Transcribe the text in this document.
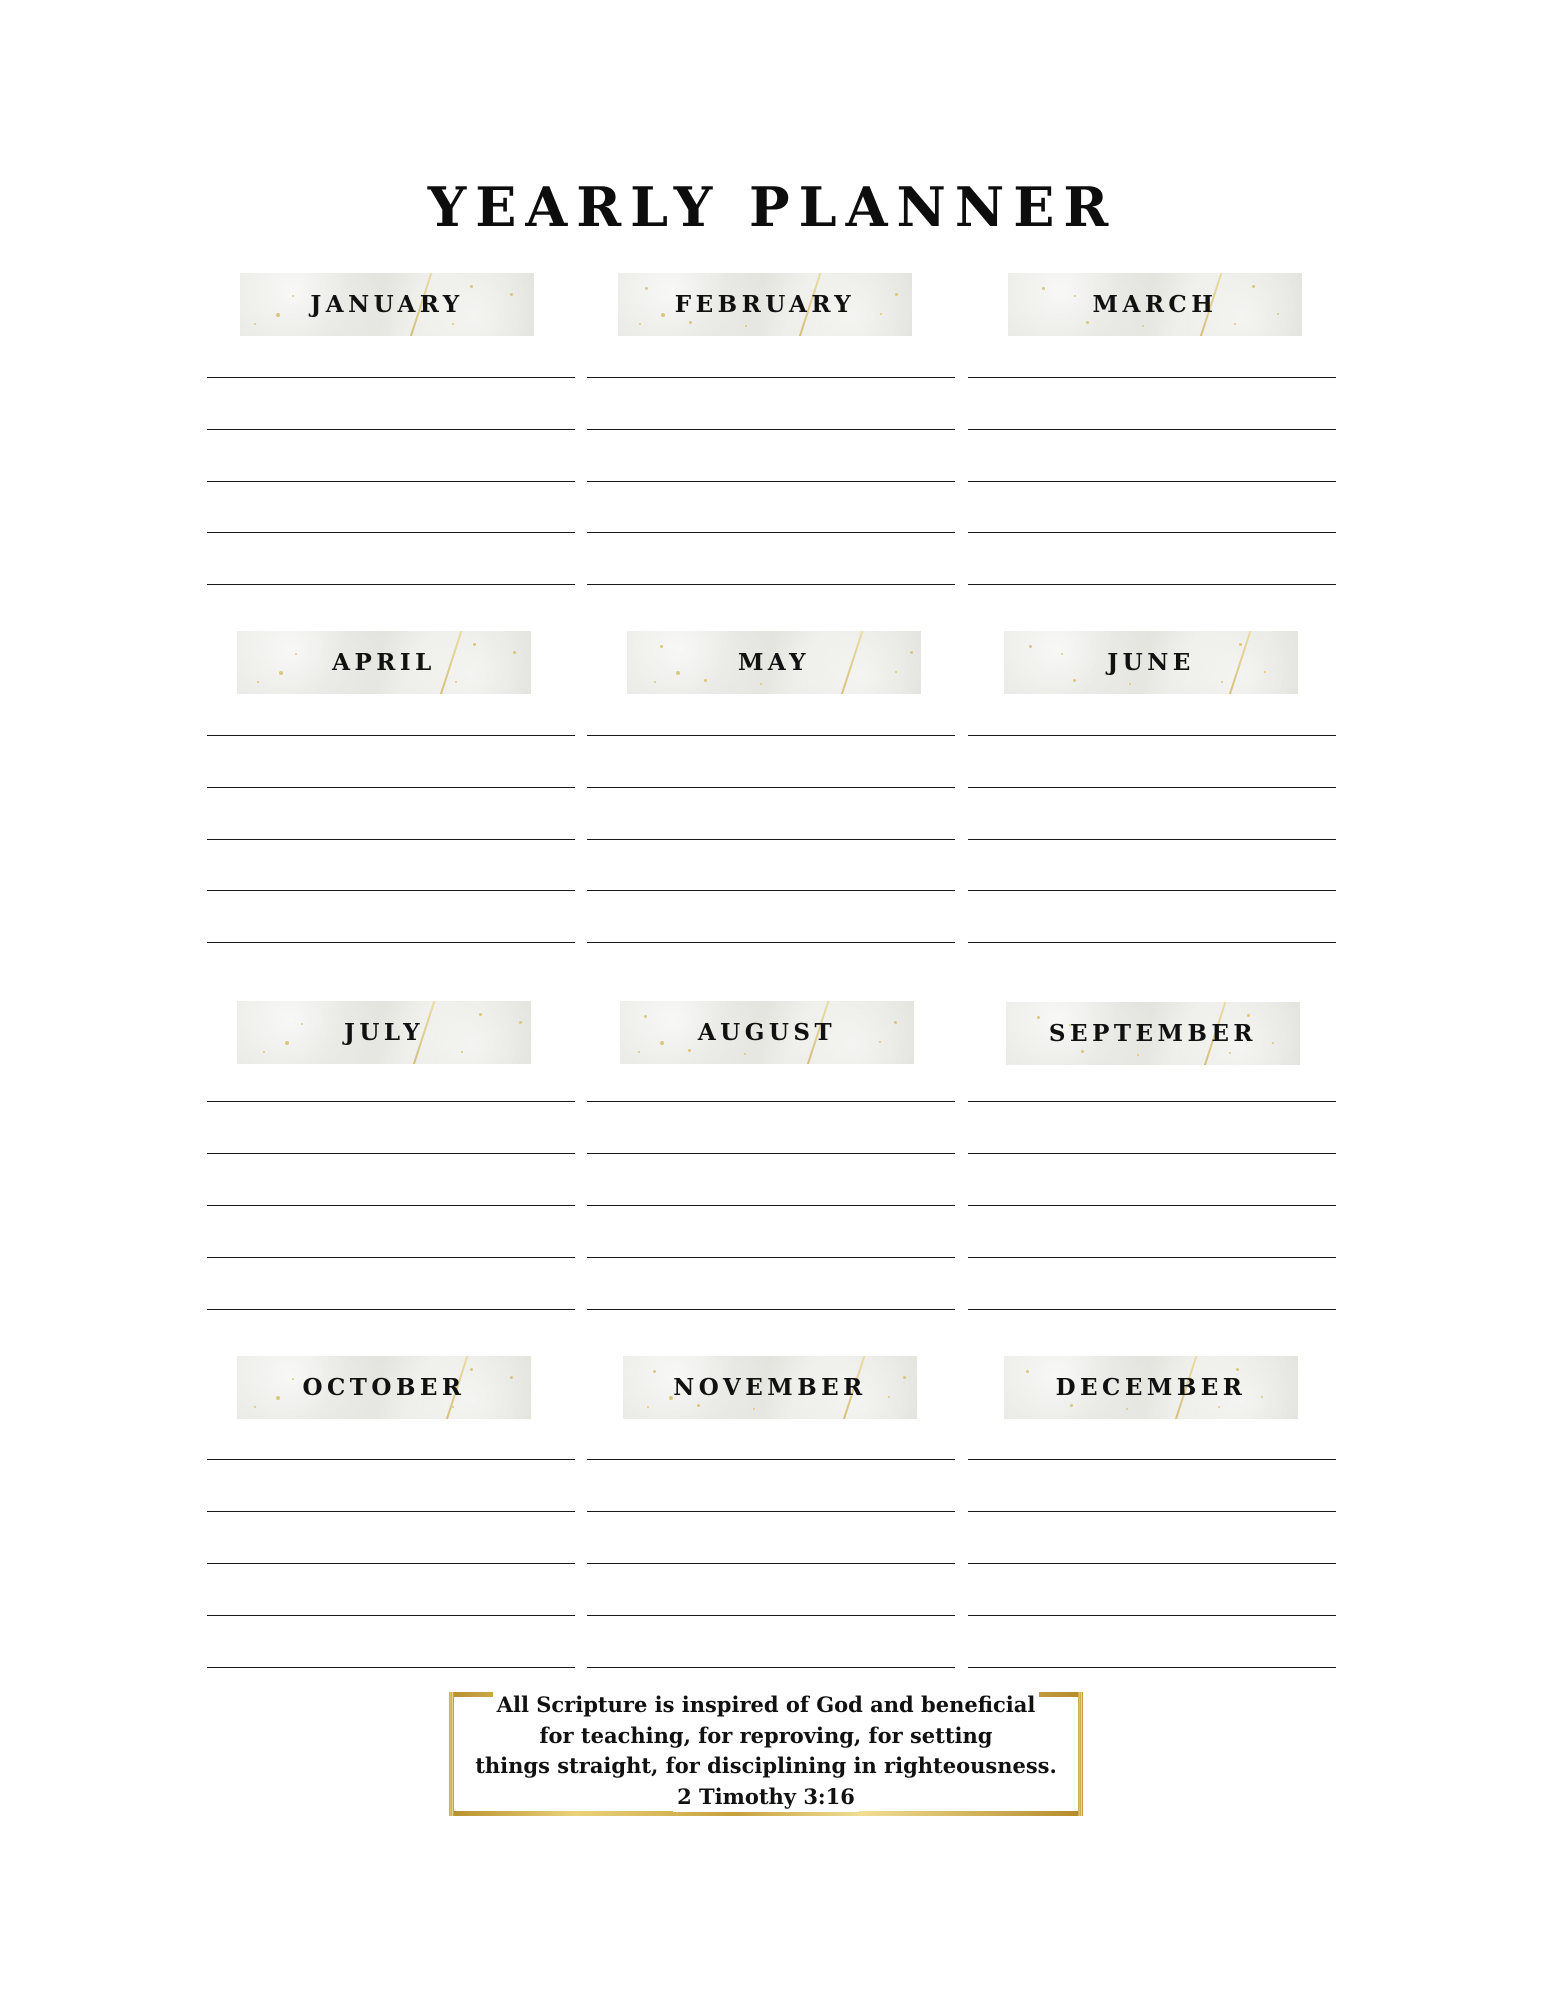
YEARLY PLANNER
JANUARY	FEBRUARY	MARCH
APRIL	MAY	JUNE
JULY	AUGUST	SEPTEMBER
OCTOBER	NOVEMBER	DECEMBER
All Scripture is inspired of God and beneficial
for teaching, for reproving, for setting
things straight, for disciplining in righteousness.
2 Timothy 3:16
